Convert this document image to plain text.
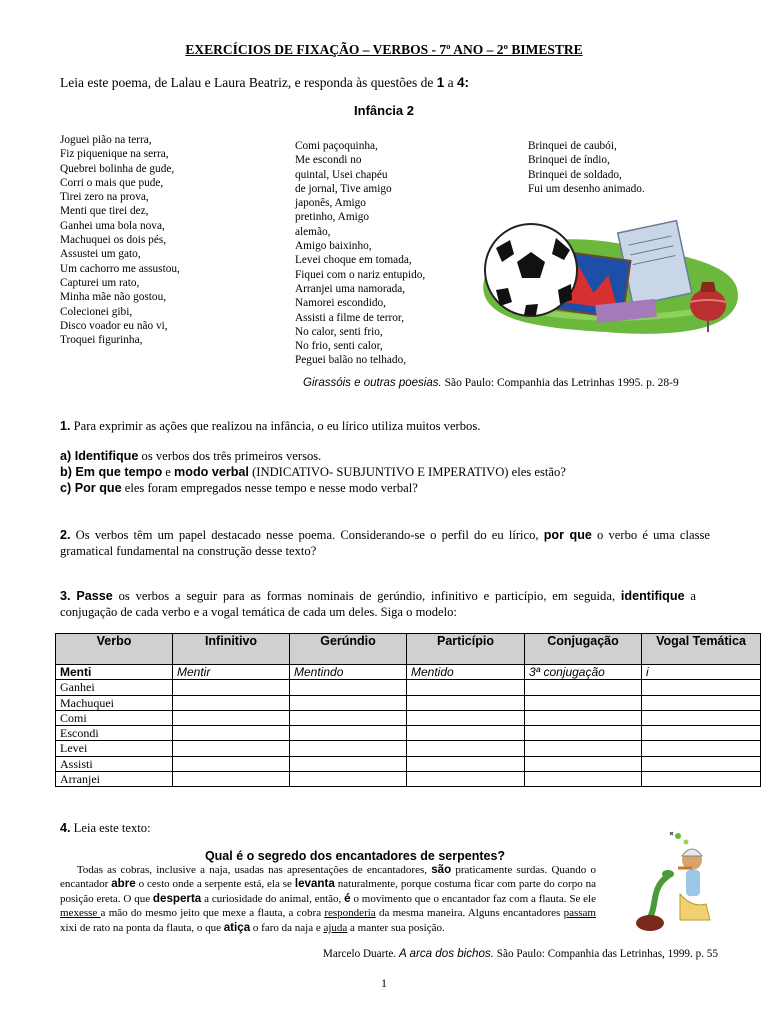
EXERCÍCIOS DE FIXAÇÃO – VERBOS - 7º ANO – 2º BIMESTRE
Leia este poema, de Lalau e Laura Beatriz, e responda às questões de 1 a 4:
Infância 2
Joguei pião na terra,
Fiz piquenique na serra,
Quebrei bolinha de gude,
Corri o mais que pude,
Tirei zero na prova,
Menti que tirei dez,
Ganhei uma bola nova,
Machuquei os dois pés,
Assustei um gato,
Um cachorro me assustou,
Capturei um rato,
Minha mãe não gostou,
Colecionei gibi,
Disco voador eu não vi,
Troquei figurinha,
Comi paçoquinha,
Me escondi no
quintal, Usei chapéu
de jornal, Tive amigo
japonês, Amigo
pretinho, Amigo
alemão,
Amigo baixinho,
Levei choque em tomada,
Fiquei com o nariz entupido,
Arranjei uma namorada,
Namorei escondido,
Assisti a filme de terror,
No calor, senti frio,
No frio, senti calor,
Peguei balão no telhado,
Brinquei de caubói,
Brinquei de índio,
Brinquei de soldado,
Fui um desenho animado.
Girassóis e outras poesias. São Paulo: Companhia das Letrinhas 1995. p. 28-9
1. Para exprimir as ações que realizou na infância, o eu lírico utiliza muitos verbos.
a) Identifique os verbos dos três primeiros versos.
b) Em que tempo e modo verbal (INDICATIVO- SUBJUNTIVO E IMPERATIVO) eles estão?
c) Por que eles foram empregados nesse tempo e nesse modo verbal?
2. Os verbos têm um papel destacado nesse poema. Considerando-se o perfil do eu lírico, por que o verbo é uma classe gramatical fundamental na construção desse texto?
3. Passe os verbos a seguir para as formas nominais de gerúndio, infinitivo e particípio, em seguida, identifique a conjugação de cada verbo e a vogal temática de cada um deles. Siga o modelo:
Verbo	Infinitivo	Gerúndio	Particípio	Conjugação	Vogal Temática
Menti	Mentir	Mentindo	Mentido	3ª conjugação	i
Ganhei					
Machuquei					
Comi					
Escondi					
Levei					
Assisti					
Arranjei					
4. Leia este texto:
Qual é o segredo dos encantadores de serpentes?
Todas as cobras, inclusive a naja, usadas nas apresentações de encantadores, são praticamente surdas. Quando o encantador abre o cesto onde a serpente está, ela se levanta naturalmente, porque costuma ficar com parte do corpo na posição ereta. O que desperta a curiosidade do animal, então, é o movimento que o encantador faz com a flauta. Se ele mexesse a mão do mesmo jeito que mexe a flauta, a cobra responderia da mesma maneira. Alguns encantadores passam xixi de rato na ponta da flauta, o que atiça o faro da naja e ajuda a manter sua posição.
Marcelo Duarte. A arca dos bichos. São Paulo: Companhia das Letrinhas, 1999. p. 55
1
